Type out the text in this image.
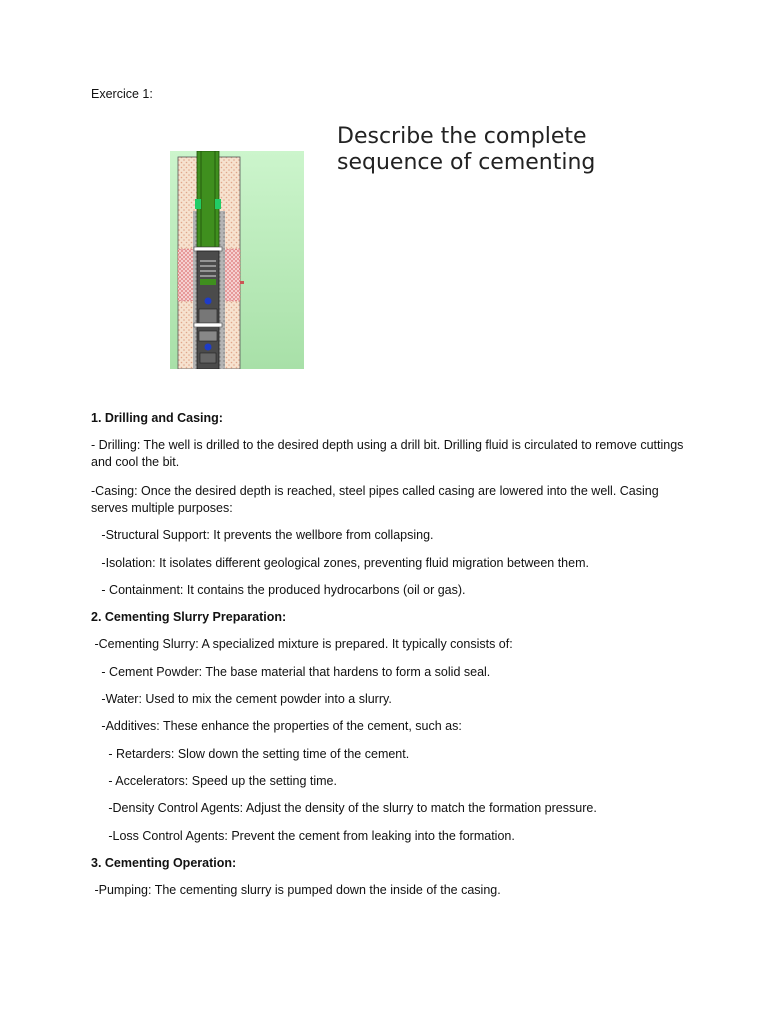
Exercice 1:

Describe the complete
sequence of cementing

1. Drilling and Casing:

- Drilling: The well is drilled to the desired depth using a drill bit. Drilling fluid is circulated to remove cuttings and cool the bit.

-Casing: Once the desired depth is reached, steel pipes called casing are lowered into the well. Casing serves multiple purposes:

-Structural Support: It prevents the wellbore from collapsing.

-Isolation: It isolates different geological zones, preventing fluid migration between them.

- Containment: It contains the produced hydrocarbons (oil or gas).

2. Cementing Slurry Preparation:

-Cementing Slurry: A specialized mixture is prepared. It typically consists of:

- Cement Powder: The base material that hardens to form a solid seal.

-Water: Used to mix the cement powder into a slurry.

-Additives: These enhance the properties of the cement, such as:

- Retarders: Slow down the setting time of the cement.

- Accelerators: Speed up the setting time.

-Density Control Agents: Adjust the density of the slurry to match the formation pressure.

-Loss Control Agents: Prevent the cement from leaking into the formation.

3. Cementing Operation:

-Pumping: The cementing slurry is pumped down the inside of the casing.
